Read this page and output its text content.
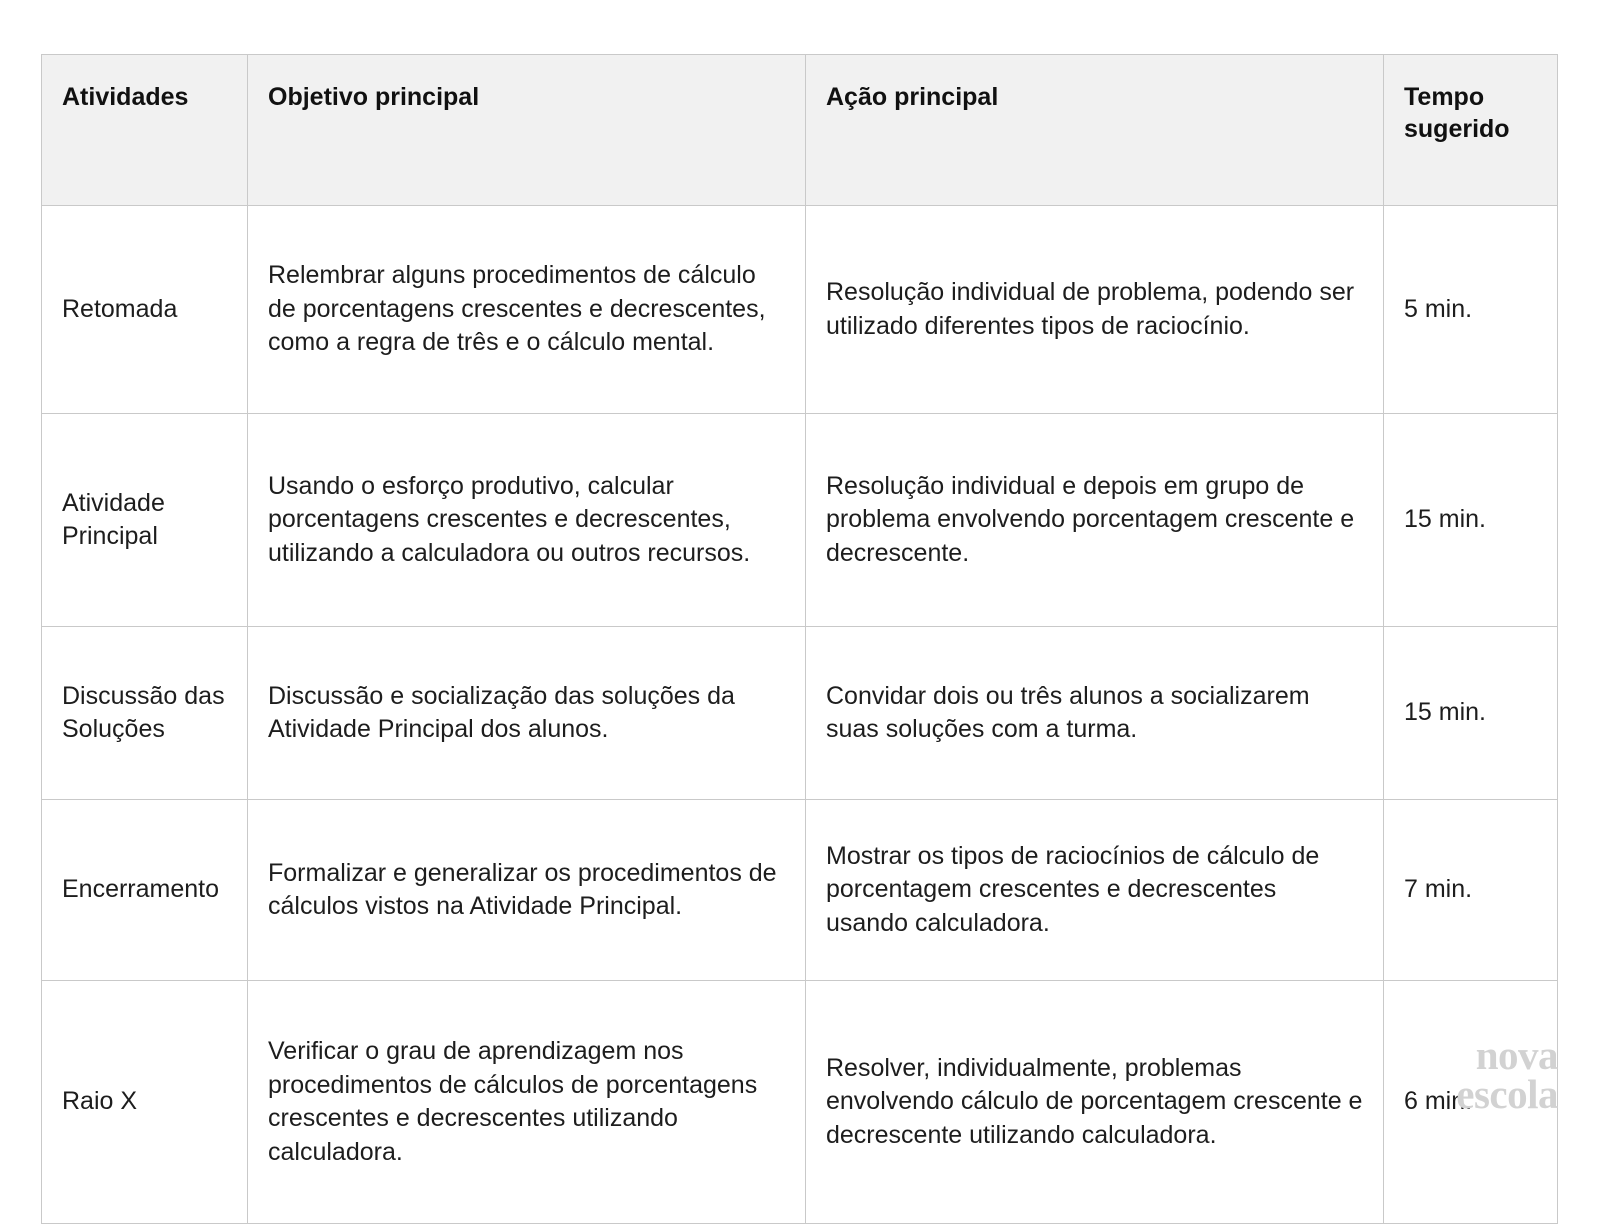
Atividades	Objetivo principal	Ação principal	Tempo sugerido
Retomada	Relembrar alguns procedimentos de cálculo de porcentagens crescentes e decrescentes, como a regra de três e o cálculo mental.	Resolução individual de problema, podendo ser utilizado diferentes tipos de raciocínio.	5 min.
Atividade Principal	Usando o esforço produtivo, calcular porcentagens crescentes e decrescentes, utilizando a calculadora ou outros recursos.	Resolução individual e depois em grupo de problema envolvendo porcentagem crescente e decrescente.	15 min.
Discussão das Soluções	Discussão e socialização das soluções da Atividade Principal dos alunos.	Convidar dois ou três alunos a socializarem suas soluções com a turma.	15 min.
Encerramento	Formalizar e generalizar os procedimentos de cálculos vistos na Atividade Principal.	Mostrar os tipos de raciocínios de cálculo de porcentagem crescentes e decrescentes usando calculadora.	7 min.
Raio X	Verificar o grau de aprendizagem nos procedimentos de cálculos de porcentagens crescentes e decrescentes utilizando calculadora.	Resolver, individualmente, problemas envolvendo cálculo de porcentagem crescente e decrescente utilizando calculadora.	6 min.
nova
escola
